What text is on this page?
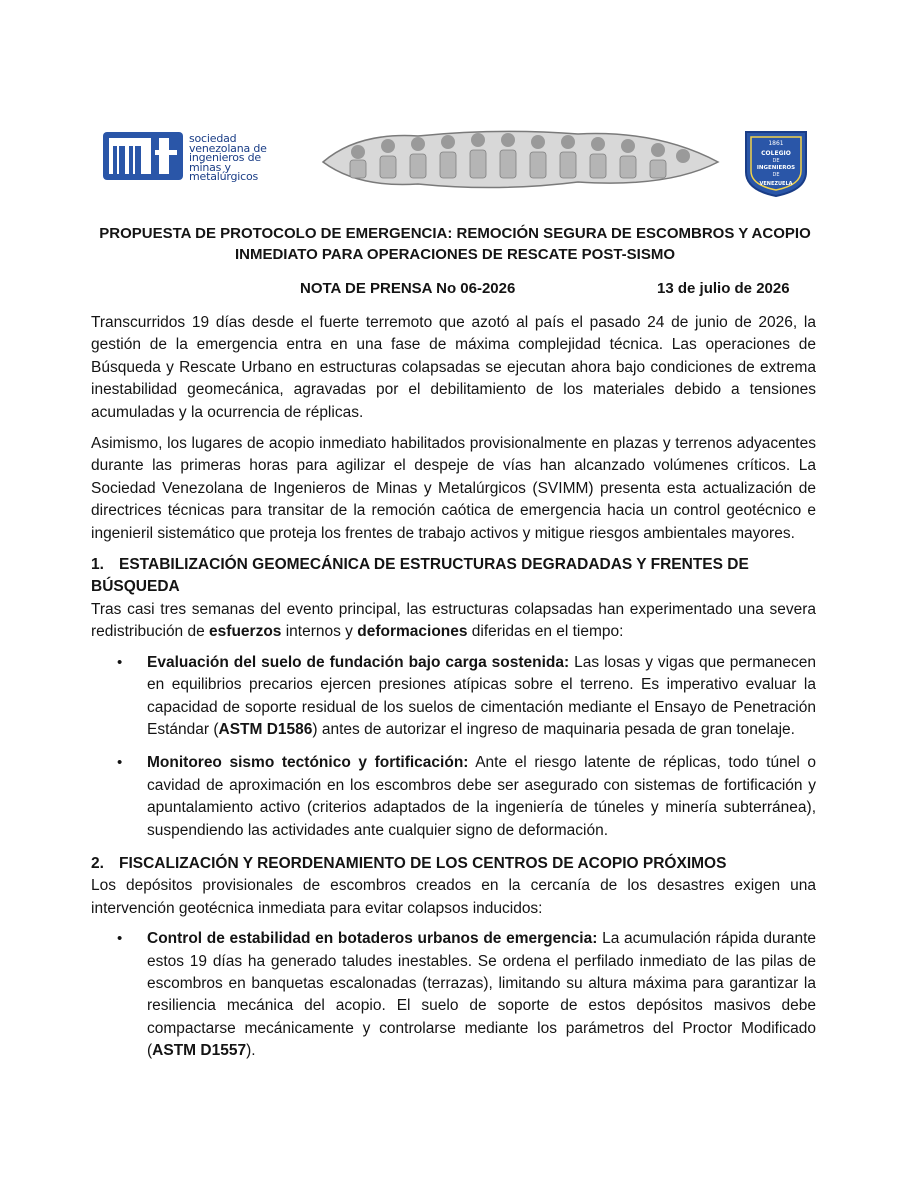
sociedad
venezolana de
ingenieros de
minas y
metalúrgicos
1861
COLEGIO
DE
INGENIEROS
DE
VENEZUELA
PROPUESTA DE PROTOCOLO DE EMERGENCIA: REMOCIÓN SEGURA DE ESCOMBROS Y ACOPIO
INMEDIATO PARA OPERACIONES DE RESCATE POST-SISMO
NOTA DE PRENSA No 06-2026	13 de julio de 2026

Transcurridos 19 días desde el fuerte terremoto que azotó al país el pasado 24 de junio de 2026, la gestión de la emergencia entra en una fase de máxima complejidad técnica. Las operaciones de Búsqueda y Rescate Urbano en estructuras colapsadas se ejecutan ahora bajo condiciones de extrema inestabilidad geomecánica, agravadas por el debilitamiento de los materiales debido a tensiones acumuladas y la ocurrencia de réplicas.

Asimismo, los lugares de acopio inmediato habilitados provisionalmente en plazas y terrenos adyacentes durante las primeras horas para agilizar el despeje de vías han alcanzado volúmenes críticos. La Sociedad Venezolana de Ingenieros de Minas y Metalúrgicos (SVIMM) presenta esta actualización de directrices técnicas para transitar de la remoción caótica de emergencia hacia un control geotécnico e ingenieril sistemático que proteja los frentes de trabajo activos y mitigue riesgos ambientales mayores.

1. ESTABILIZACIÓN GEOMECÁNICA DE ESTRUCTURAS DEGRADADAS Y FRENTES DE BÚSQUEDA

Tras casi tres semanas del evento principal, las estructuras colapsadas han experimentado una severa redistribución de esfuerzos internos y deformaciones diferidas en el tiempo:

• Evaluación del suelo de fundación bajo carga sostenida: Las losas y vigas que permanecen en equilibrios precarios ejercen presiones atípicas sobre el terreno. Es imperativo evaluar la capacidad de soporte residual de los suelos de cimentación mediante el Ensayo de Penetración Estándar (ASTM D1586) antes de autorizar el ingreso de maquinaria pesada de gran tonelaje.
• Monitoreo sismo tectónico y fortificación: Ante el riesgo latente de réplicas, todo túnel o cavidad de aproximación en los escombros debe ser asegurado con sistemas de fortificación y apuntalamiento activo (criterios adaptados de la ingeniería de túneles y minería subterránea), suspendiendo las actividades ante cualquier signo de deformación.
2. FISCALIZACIÓN Y REORDENAMIENTO DE LOS CENTROS DE ACOPIO PRÓXIMOS

Los depósitos provisionales de escombros creados en la cercanía de los desastres exigen una intervención geotécnica inmediata para evitar colapsos inducidos:

• Control de estabilidad en botaderos urbanos de emergencia: La acumulación rápida durante estos 19 días ha generado taludes inestables. Se ordena el perfilado inmediato de las pilas de escombros en banquetas escalonadas (terrazas), limitando su altura máxima para garantizar la resiliencia mecánica del acopio. El suelo de soporte de estos depósitos masivos debe compactarse mecánicamente y controlarse mediante los parámetros del Proctor Modificado (ASTM D1557).
